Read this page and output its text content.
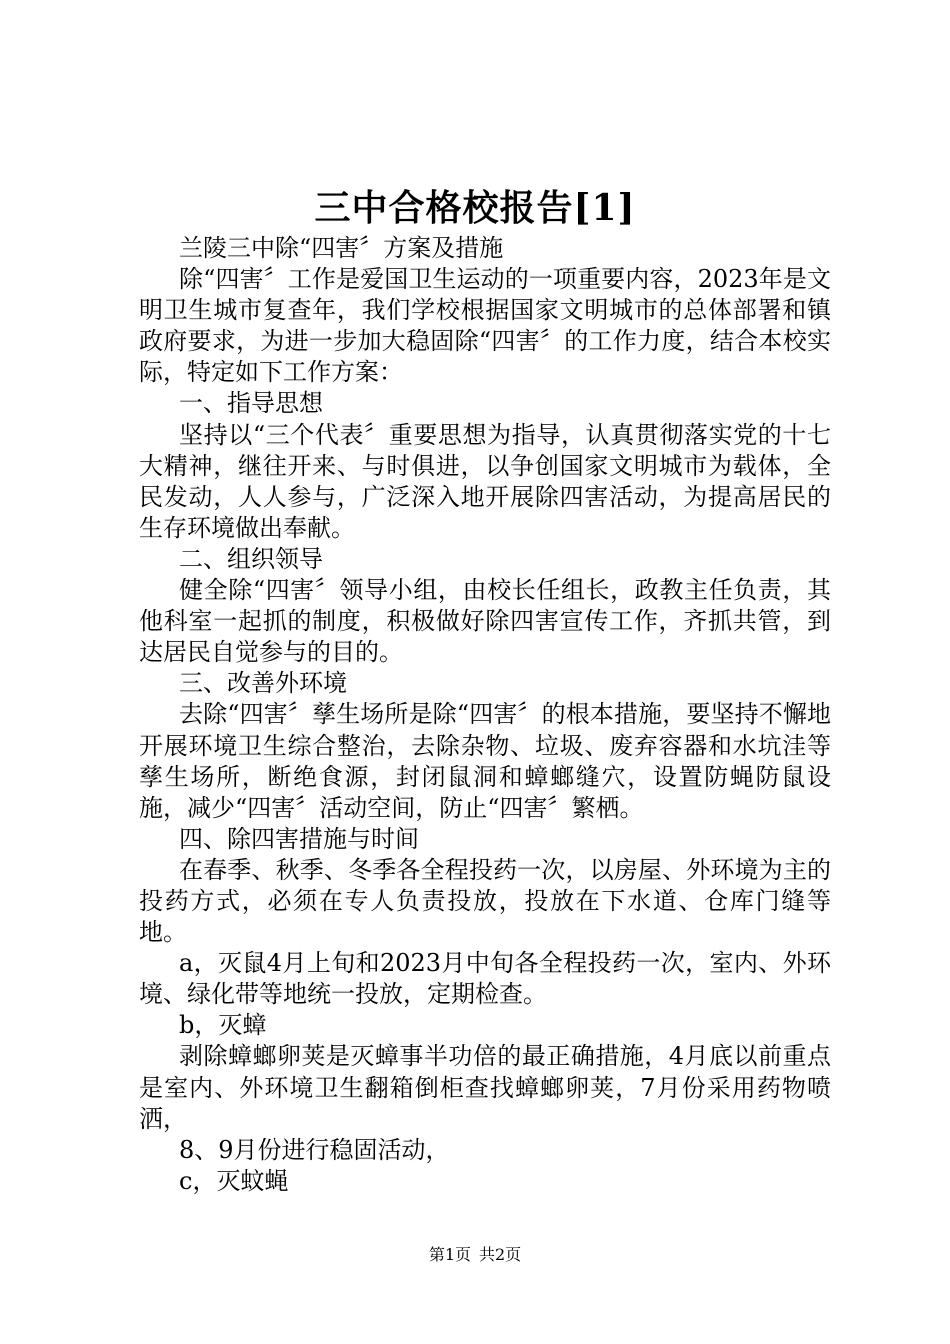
三中合格校报告[1]

兰陵三中除“四害〞方案及措施

除“四害〞工作是爱国卫生运动的一项重要内容，2023年是文明卫生城市复查年，我们学校根据国家文明城市的总体部署和镇政府要求，为进一步加大稳固除“四害〞的工作力度，结合本校实际，特定如下工作方案：

一、指导思想

坚持以“三个代表〞重要思想为指导，认真贯彻落实党的十七大精神，继往开来、与时俱进，以争创国家文明城市为载体，全民发动，人人参与，广泛深入地开展除四害活动，为提高居民的生存环境做出奉献。

二、组织领导

健全除“四害〞领导小组，由校长任组长，政教主任负责，其他科室一起抓的制度，积极做好除四害宣传工作，齐抓共管，到达居民自觉参与的目的。

三、改善外环境

去除“四害〞孳生场所是除“四害〞的根本措施，要坚持不懈地开展环境卫生综合整治，去除杂物、垃圾、废弃容器和水坑洼等孳生场所，断绝食源，封闭鼠洞和蟑螂缝穴，设置防蝇防鼠设施，减少“四害〞活动空间，防止“四害〞繁栖。

四、除四害措施与时间

在春季、秋季、冬季各全程投药一次，以房屋、外环境为主的投药方式，必须在专人负责投放，投放在下水道、仓库门缝等地。

a，灭鼠4月上旬和2023月中旬各全程投药一次，室内、外环境、绿化带等地统一投放，定期检查。

b，灭蟑

剥除蟑螂卵荚是灭蟑事半功倍的最正确措施，4月底以前重点是室内、外环境卫生翻箱倒柜查找蟑螂卵荚，7月份采用药物喷洒，

8、9月份进行稳固活动，

c，灭蚊蝇

第1页 共2页
